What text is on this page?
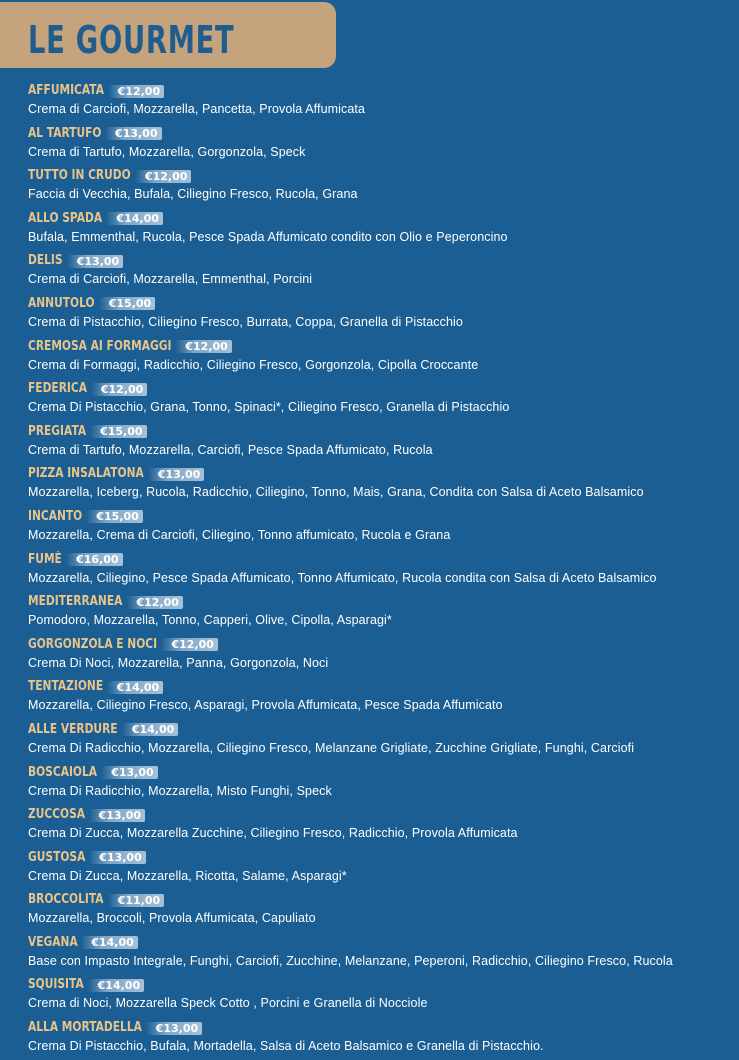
LE GOURMET
AFFUMICATA	€12,00
Crema di Carciofi, Mozzarella, Pancetta, Provola Affumicata
AL TARTUFO	€13,00
Crema di Tartufo, Mozzarella, Gorgonzola, Speck
TUTTO IN CRUDO	€12,00
Faccia di Vecchia, Bufala, Ciliegino Fresco, Rucola, Grana
ALLO SPADA	€14,00
Bufala, Emmenthal, Rucola, Pesce Spada Affumicato condito con Olio e Peperoncino
DELIS	€13,00
Crema di Carciofi, Mozzarella, Emmenthal, Porcini
ANNUTOLO	€15,00
Crema di Pistacchio, Ciliegino Fresco, Burrata, Coppa, Granella di Pistacchio
CREMOSA AI FORMAGGI	€12,00
Crema di Formaggi, Radicchio, Ciliegino Fresco, Gorgonzola, Cipolla Croccante
FEDERICA	€12,00
Crema Di Pistacchio, Grana, Tonno, Spinaci*, Ciliegino Fresco, Granella di Pistacchio
PREGIATA	€15,00
Crema di Tartufo, Mozzarella, Carciofi, Pesce Spada Affumicato, Rucola
PIZZA INSALATONA	€13,00
Mozzarella, Iceberg, Rucola, Radicchio, Ciliegino, Tonno, Mais, Grana, Condita con Salsa di Aceto Balsamico
INCANTO	€15,00
Mozzarella, Crema di Carciofi, Ciliegino, Tonno affumicato, Rucola e Grana
FUMÈ	€16,00
Mozzarella, Ciliegino, Pesce Spada Affumicato, Tonno Affumicato, Rucola condita con Salsa di Aceto Balsamico
MEDITERRANEA	€12,00
Pomodoro, Mozzarella, Tonno, Capperi, Olive, Cipolla, Asparagi*
GORGONZOLA E NOCI	€12,00
Crema Di Noci, Mozzarella, Panna, Gorgonzola, Noci
TENTAZIONE	€14,00
Mozzarella, Ciliegino Fresco, Asparagi, Provola Affumicata, Pesce Spada Affumicato
ALLE VERDURE	€14,00
Crema Di Radicchio, Mozzarella, Ciliegino Fresco, Melanzane Grigliate, Zucchine Grigliate, Funghi, Carciofi
BOSCAIOLA	€13,00
Crema Di Radicchio, Mozzarella, Misto Funghi, Speck
ZUCCOSA	€13,00
Crema Di Zucca, Mozzarella Zucchine, Ciliegino Fresco, Radicchio, Provola Affumicata
GUSTOSA	€13,00
Crema Di Zucca, Mozzarella, Ricotta, Salame, Asparagi*
BROCCOLITA	€11,00
Mozzarella, Broccoli, Provola Affumicata, Capuliato
VEGANA	€14,00
Base con Impasto Integrale, Funghi, Carciofi, Zucchine, Melanzane, Peperoni, Radicchio, Ciliegino Fresco, Rucola
SQUISITA	€14,00
Crema di Noci, Mozzarella Speck Cotto , Porcini e Granella di Nocciole
ALLA MORTADELLA	€13,00
Crema Di Pistacchio, Bufala, Mortadella, Salsa di Aceto Balsamico e Granella di Pistacchio.
